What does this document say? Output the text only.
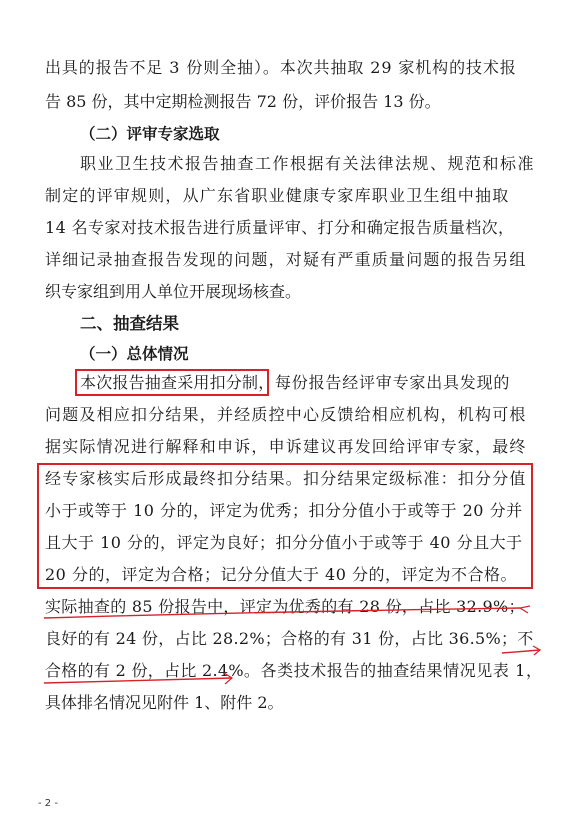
出具的报告不足 3 份则全抽）。本次共抽取 29 家机构的技术报
告 85 份，其中定期检测报告 72 份，评价报告 13 份。
（二）评审专家选取
职业卫生技术报告抽查工作根据有关法律法规、规范和标准
制定的评审规则，从广东省职业健康专家库职业卫生组中抽取
14 名专家对技术报告进行质量评审、打分和确定报告质量档次，
详细记录抽查报告发现的问题，对疑有严重质量问题的报告另组
织专家组到用人单位开展现场核查。
二、抽查结果
（一）总体情况
本次报告抽查采用扣分制，每份报告经评审专家出具发现的
问题及相应扣分结果，并经质控中心反馈给相应机构，机构可根
据实际情况进行解释和申诉，申诉建议再发回给评审专家，最终
经专家核实后形成最终扣分结果。扣分结果定级标准：扣分分值
小于或等于 10 分的，评定为优秀；扣分分值小于或等于 20 分并
且大于 10 分的，评定为良好；扣分分值小于或等于 40 分且大于
20 分的，评定为合格；记分分值大于 40 分的，评定为不合格。
实际抽查的 85 份报告中，评定为优秀的有 28 份，占比 32.9%；
良好的有 24 份，占比 28.2%；合格的有 31 份，占比 36.5%；不
合格的有 2 份，占比 2.4%。各类技术报告的抽查结果情况见表 1，
具体排名情况见附件 1、附件 2。
- 2 -
